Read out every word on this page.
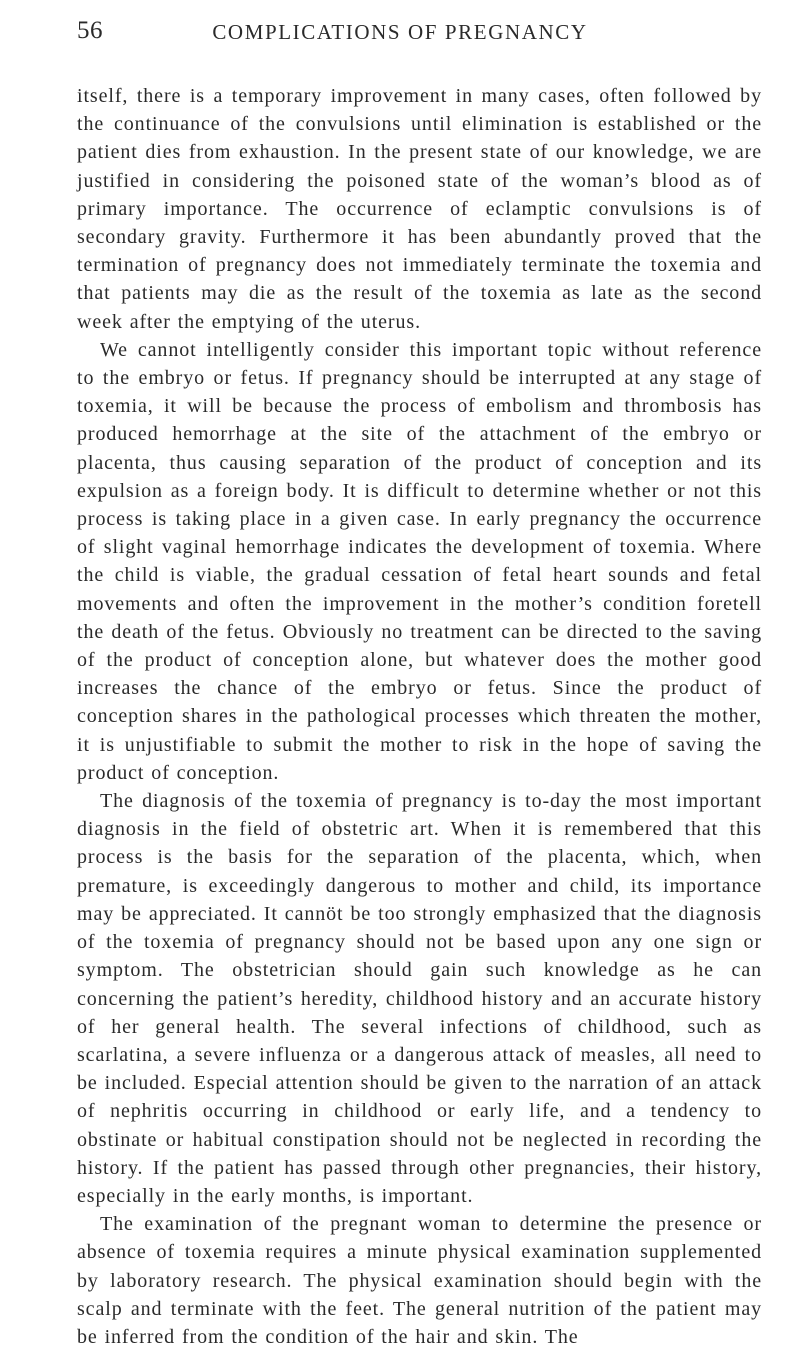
56	COMPLICATIONS OF PREGNANCY

itself, there is a temporary improvement in many cases, often followed by the continuance of the convulsions until elimination is established or the patient dies from exhaustion. In the present state of our knowledge, we are justified in considering the poisoned state of the woman’s blood as of primary importance. The occurrence of eclamptic convulsions is of secondary gravity. Furthermore it has been abundantly proved that the termination of pregnancy does not immediately terminate the toxemia and that patients may die as the result of the toxemia as late as the second week after the emptying of the uterus.

We cannot intelligently consider this important topic without reference to the embryo or fetus. If pregnancy should be interrupted at any stage of toxemia, it will be because the process of embolism and thrombosis has produced hemorrhage at the site of the attachment of the embryo or placenta, thus causing separation of the product of conception and its expulsion as a foreign body. It is difficult to determine whether or not this process is taking place in a given case. In early pregnancy the occurrence of slight vaginal hemorrhage indicates the development of toxemia. Where the child is viable, the gradual cessation of fetal heart sounds and fetal movements and often the improvement in the mother’s condition foretell the death of the fetus. Obviously no treatment can be directed to the saving of the product of conception alone, but whatever does the mother good increases the chance of the embryo or fetus. Since the product of conception shares in the pathological processes which threaten the mother, it is unjustifiable to submit the mother to risk in the hope of saving the product of conception.

The diagnosis of the toxemia of pregnancy is to-day the most important diagnosis in the field of obstetric art. When it is remembered that this process is the basis for the separation of the placenta, which, when premature, is exceedingly dangerous to mother and child, its importance may be appreciated. It cannöt be too strongly emphasized that the diagnosis of the toxemia of pregnancy should not be based upon any one sign or symptom. The obstetrician should gain such knowledge as he can concerning the patient’s heredity, childhood history and an accurate history of her general health. The several infections of childhood, such as scarlatina, a severe influenza or a dangerous attack of measles, all need to be included. Especial attention should be given to the narration of an attack of nephritis occurring in childhood or early life, and a tendency to obstinate or habitual constipation should not be neglected in recording the history. If the patient has passed through other pregnancies, their history, especially in the early months, is important.

The examination of the pregnant woman to determine the presence or absence of toxemia requires a minute physical examination supplemented by laboratory research. The physical examination should begin with the scalp and terminate with the feet. The general nutrition of the patient may be inferred from the condition of the hair and skin. The
